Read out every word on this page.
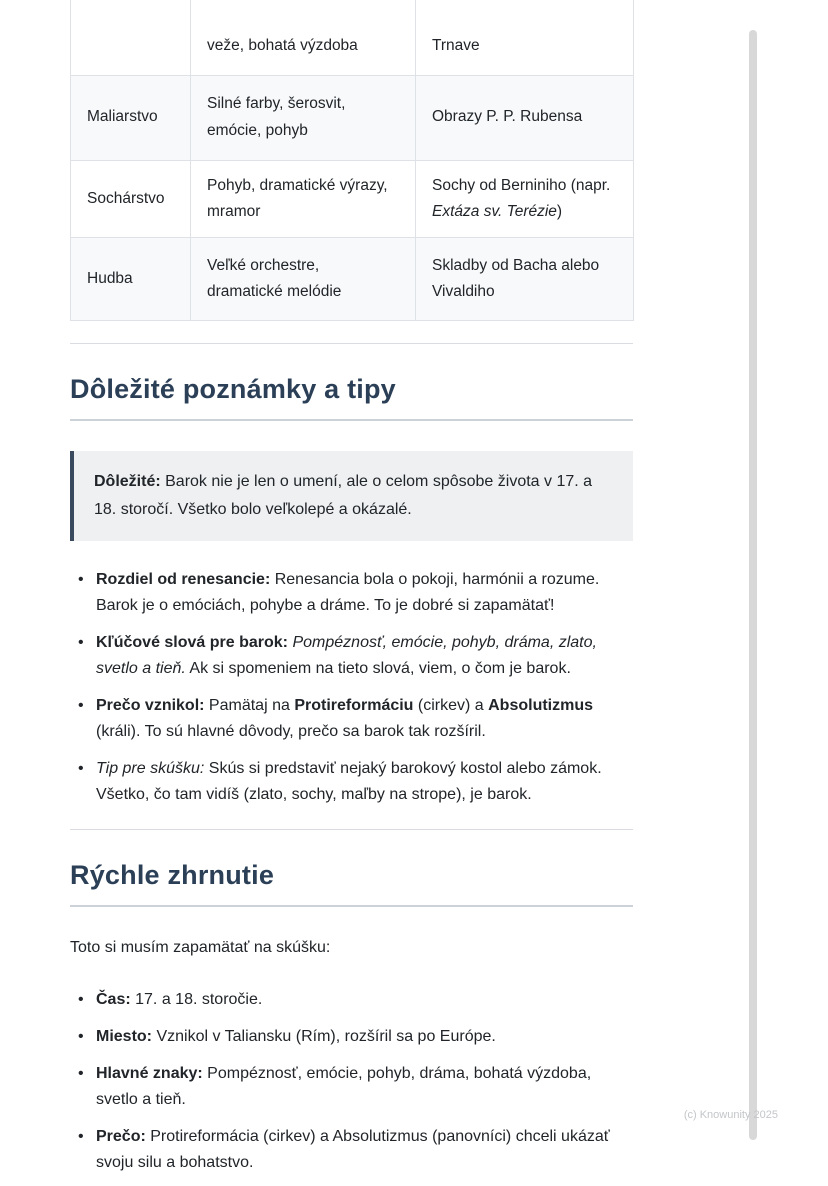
	veže, bohatá výzdoba	Trnave
Maliarstvo	Silné farby, šerosvit, emócie, pohyb	Obrazy P. P. Rubensa
Sochárstvo	Pohyb, dramatické výrazy, mramor	Sochy od Berniniho (napr. Extáza sv. Terézie)
Hudba	Veľké orchestre, dramatické melódie	Skladby od Bacha alebo Vivaldiho
Dôležité poznámky a tipy

Dôležité: Barok nie je len o umení, ale o celom spôsobe života v 17. a 18. storočí. Všetko bolo veľkolepé a okázalé.

• Rozdiel od renesancie: Renesancia bola o pokoji, harmónii a rozume. Barok je o emóciách, pohybe a dráme. To je dobré si zapamätať!
• Kľúčové slová pre barok: Pompéznosť, emócie, pohyb, dráma, zlato, svetlo a tieň. Ak si spomeniem na tieto slová, viem, o čom je barok.
• Prečo vznikol: Pamätaj na Protireformáciu (cirkev) a Absolutizmus (králi). To sú hlavné dôvody, prečo sa barok tak rozšíril.
• Tip pre skúšku: Skús si predstaviť nejaký barokový kostol alebo zámok. Všetko, čo tam vidíš (zlato, sochy, maľby na strope), je barok.
Rýchle zhrnutie

Toto si musím zapamätať na skúšku:

• Čas: 17. a 18. storočie.
• Miesto: Vznikol v Taliansku (Rím), rozšíril sa po Európe.
• Hlavné znaky: Pompéznosť, emócie, pohyb, dráma, bohatá výzdoba, svetlo a tieň.
• Prečo: Protireformácia (cirkev) a Absolutizmus (panovníci) chceli ukázať svoju silu a bohatstvo.
(c) Knowunity 2025
